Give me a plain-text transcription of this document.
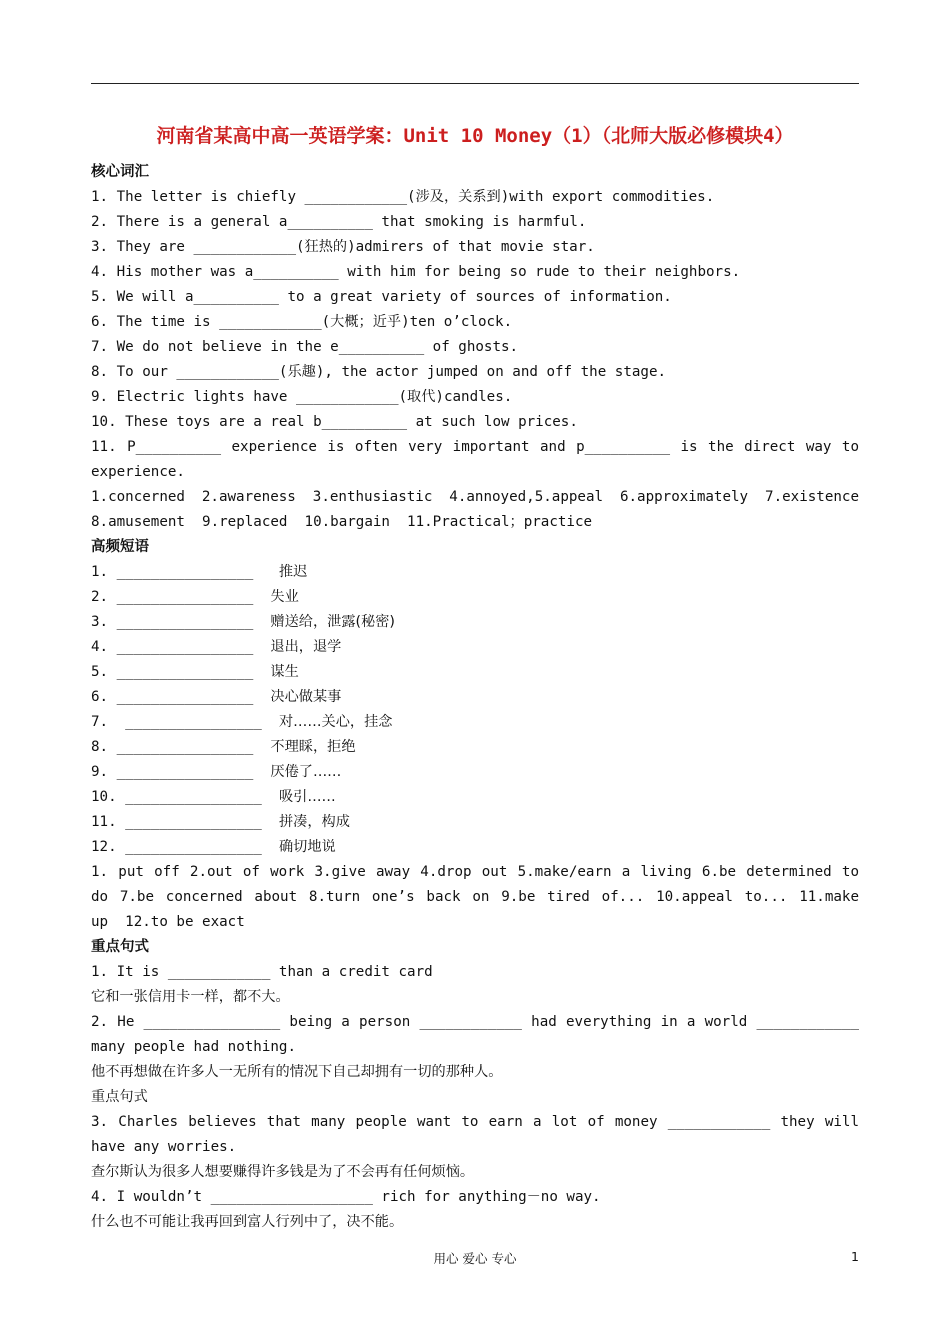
河南省某高中高一英语学案：Unit 10 Money（1）（北师大版必修模块4）
核心词汇
1. The letter is chiefly ____________(涉及，关系到)with export commodities.
2. There is a general a__________ that smoking is harmful.
3. They are ____________(狂热的)admirers of that movie star.
4. His mother was a__________ with him for being so rude to their neighbors.
5. We will a__________ to a great variety of sources of information.
6. The time is ____________(大概；近乎)ten o’clock.
7. We do not believe in the e__________ of ghosts.
8. To our ____________(乐趣), the actor jumped on and off the stage.
9. Electric lights have ____________(取代)candles.
10. These toys are a real b__________ at such low prices.
11. P__________ experience is often very important and p__________ is the direct way to
experience.
1.concerned 2.awareness 3.enthusiastic 4.annoyed,5.appeal 6.approximately 7.existence
8.amusement  9.replaced  10.bargain  11.Practical；practice
高频短语
1. ________________ 推迟
2. ________________ 失业
3. ________________ 赠送给，泄露(秘密)
4. ________________ 退出，退学
5. ________________ 谋生
6. ________________ 决心做某事
7.  ________________ 对……关心，挂念
8. ________________ 不理睬，拒绝
9. ________________ 厌倦了……
10. ________________ 吸引……
11. ________________ 拼凑，构成
12. ________________ 确切地说
1. put off 2.out of work 3.give away 4.drop out 5.make/earn a living 6.be determined to
do 7.be concerned about 8.turn one’s back on 9.be tired of... 10.appeal to... 11.make
up  12.to be exact
重点句式
1. It is ____________ than a credit card
它和一张信用卡一样，都不大。
2. He ________________ being a person ____________ had everything in a world ____________
many people had nothing.
他不再想做在许多人一无所有的情况下自己却拥有一切的那种人。
重点句式
3. Charles believes that many people want to earn a lot of money ____________ they will
have any worries.
查尔斯认为很多人想要赚得许多钱是为了不会再有任何烦恼。
4. I wouldn’t ___________________ rich for anything－no way.
什么也不可能让我再回到富人行列中了，决不能。
用心 爱心 专心	1
